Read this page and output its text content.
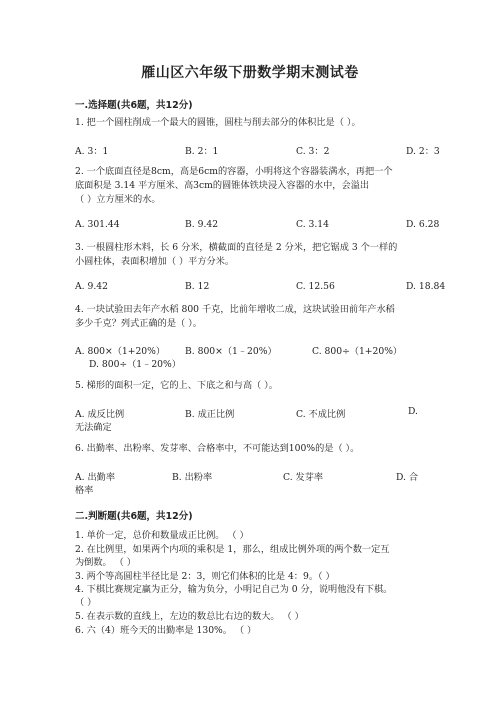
雁山区六年级下册数学期末测试卷
一.选择题(共6题，共12分)
1. 把一个圆柱削成一个最大的圆锥，圆柱与削去部分的体积比是（ ）。
A. 3：1	B. 2：1	C. 3：2	D. 2：3
2. 一个底面直径是8cm，高是6cm的容器，小明将这个容器装满水，再把一个
底面积是 3.14 平方厘米、高3cm的圆锥体铁块浸入容器的水中，会溢出
（ ）立方厘米的水。
A. 301.44	B. 9.42	C. 3.14	D. 6.28
3. 一根圆柱形木料，长 6 分米，横截面的直径是 2 分米，把它锯成 3 个一样的
小圆柱体，表面积增加（ ）平方分米。
A. 9.42	B. 12	C. 12.56	D. 18.84
4. 一块试验田去年产水稻 800 千克，比前年增收二成，这块试验田前年产水稻
多少千克？列式正确的是（ ）。
A. 800×（1+20%） B. 800×（1﹣20%）	C. 800÷（1+20%）
D. 800÷（1﹣20%）
5. 梯形的面积一定，它的上、下底之和与高（ ）。
A. 成反比例	B. 成正比例	C. 不成比例	D.
无法确定
6. 出勤率、出粉率、发芽率、合格率中，不可能达到100%的是（ ）。
A. 出勤率	B. 出粉率	C. 发芽率	D. 合
格率
二.判断题(共6题，共12分)
1. 单价一定，总价和数量成正比例。 （ ）
2. 在比例里，如果两个内项的乘积是 1，那么，组成比例外项的两个数一定互
为倒数。 （ ）
3. 两个等高圆柱半径比是 2：3，则它们体积的比是 4：9。（ ）
4. 下棋比赛规定赢为正分，输为负分，小明记自己为 0 分，说明他没有下棋。
（ ）
5. 在表示数的直线上，左边的数总比右边的数大。 （ ）
6. 六（4）班今天的出勤率是 130%。 （ ）
